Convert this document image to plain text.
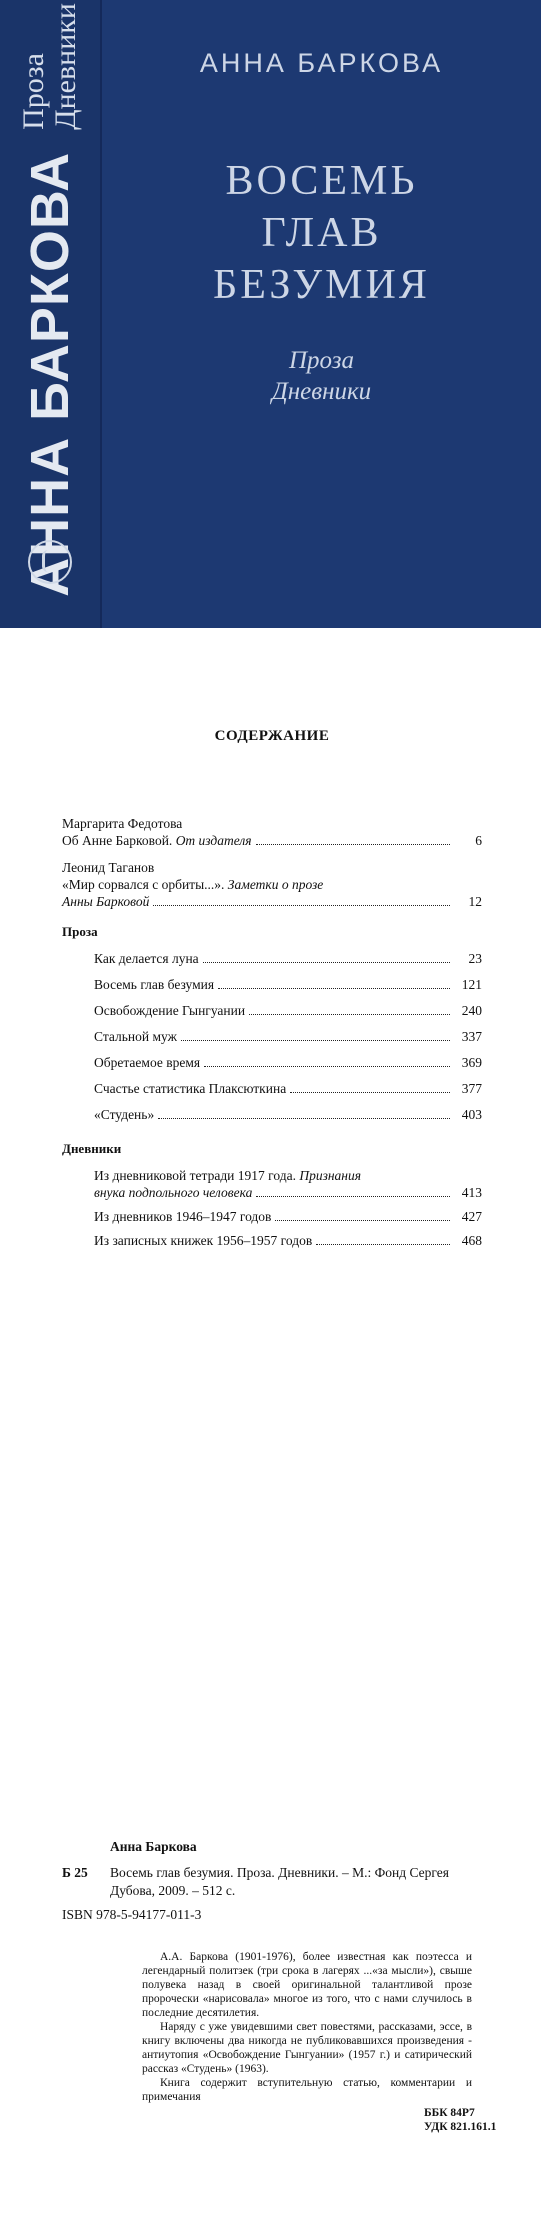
АННА БАРКОВА Проза
Дневники	АННА БАРКОВА
ВОСЕМЬ
ГЛАВ
БЕЗУМИЯ
Проза
Дневники
СОДЕРЖАНИЕ
Маргарита Федотова
Об Анне Барковой. От издателя	6
Леонид Таганов
«Мир сорвался с орбиты...». Заметки о прозе
Анны Барковой	12
Проза
Как делается луна	23
Восемь глав безумия	121
Освобождение Гынгуании	240
Стальной муж	337
Обретаемое время	369
Счастье статистика Плаксюткина	377
«Студень»	403
Дневники
Из дневниковой тетради 1917 года. Признания
внука подпольного человека	413
Из дневников 1946–1947 годов	427
Из записных книжек 1956–1957 годов	468
Анна Баркова
Б 25	Восемь глав безумия. Проза. Дневники. – М.: Фонд Сергея Дубова, 2009. – 512 с.
ISBN 978-5-94177-011-3

А.А. Баркова (1901-1976), более известная как поэтесса и легендарный политзек (три срока в лагерях ...«за мысли»), свыше полувека назад в своей оригинальной талантливой прозе пророчески «нарисовала» многое из того, что с нами случилось в последние десятилетия.

Наряду с уже увидевшими свет повестями, рассказами, эссе, в книгу включены два никогда не публиковавшихся произведения - антиутопия «Освобождение Гынгуании» (1957 г.) и сатирический рассказ «Студень» (1963).

Книга содержит вступительную статью, комментарии и примечания

ББК 84Р7
УДК 821.161.1
